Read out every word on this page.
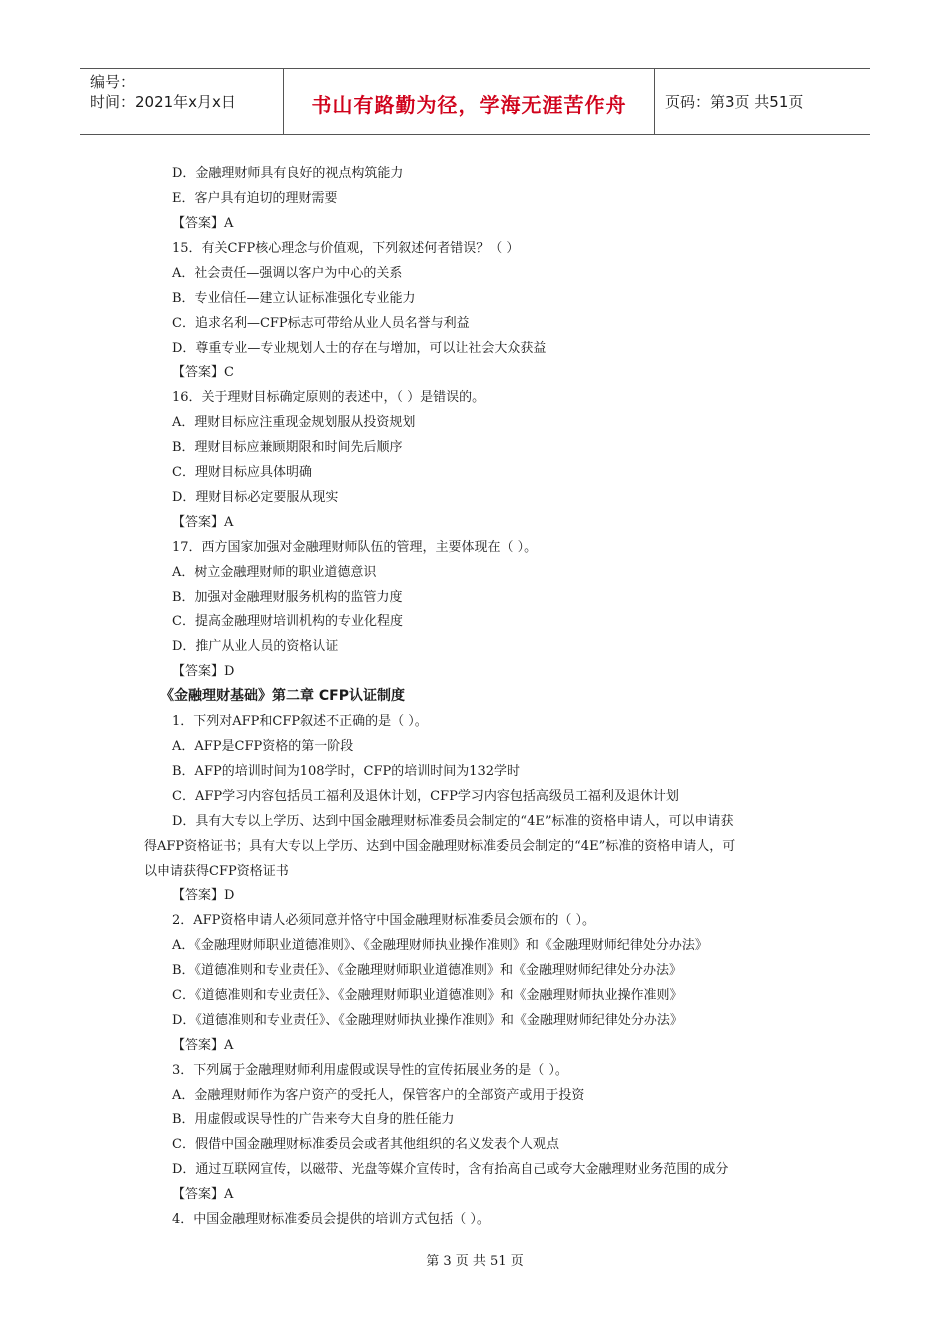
编号：
时间：2021年x月x日	书山有路勤为径，学海无涯苦作舟	页码：第3页 共51页
D．金融理财师具有良好的视点构筑能力
E．客户具有迫切的理财需要
【答案】A
15．有关CFP核心理念与价值观，下列叙述何者错误？（ ）
A．社会责任—强调以客户为中心的关系
B．专业信任—建立认证标准强化专业能力
C．追求名利—CFP标志可带给从业人员名誉与利益
D．尊重专业—专业规划人士的存在与增加，可以让社会大众获益
【答案】C
16．关于理财目标确定原则的表述中，（ ）是错误的。
A．理财目标应注重现金规划服从投资规划
B．理财目标应兼顾期限和时间先后顺序
C．理财目标应具体明确
D．理财目标必定要服从现实
【答案】A
17．西方国家加强对金融理财师队伍的管理，主要体现在（ ）。
A．树立金融理财师的职业道德意识
B．加强对金融理财服务机构的监管力度
C．提高金融理财培训机构的专业化程度
D．推广从业人员的资格认证
【答案】D
《金融理财基础》第二章 CFP认证制度
1．下列对AFP和CFP叙述不正确的是（ ）。
A．AFP是CFP资格的第一阶段
B．AFP的培训时间为108学时，CFP的培训时间为132学时
C．AFP学习内容包括员工福利及退休计划，CFP学习内容包括高级员工福利及退休计划
D．具有大专以上学历、达到中国金融理财标准委员会制定的“4E”标准的资格申请人，可以申请获
得AFP资格证书；具有大专以上学历、达到中国金融理财标准委员会制定的“4E”标准的资格申请人，可
以申请获得CFP资格证书
【答案】D
2．AFP资格申请人必须同意并恪守中国金融理财标准委员会颁布的（ ）。
A．《金融理财师职业道德准则》、《金融理财师执业操作准则》和《金融理财师纪律处分办法》
B．《道德准则和专业责任》、《金融理财师职业道德准则》和《金融理财师纪律处分办法》
C．《道德准则和专业责任》、《金融理财师职业道德准则》和《金融理财师执业操作准则》
D．《道德准则和专业责任》、《金融理财师执业操作准则》和《金融理财师纪律处分办法》
【答案】A
3．下列属于金融理财师利用虚假或误导性的宣传拓展业务的是（ ）。
A．金融理财师作为客户资产的受托人，保管客户的全部资产或用于投资
B．用虚假或误导性的广告来夸大自身的胜任能力
C．假借中国金融理财标准委员会或者其他组织的名义发表个人观点
D．通过互联网宣传，以磁带、光盘等媒介宣传时，含有抬高自己或夸大金融理财业务范围的成分
【答案】A
4．中国金融理财标准委员会提供的培训方式包括（ ）。
第 3 页 共 51 页
